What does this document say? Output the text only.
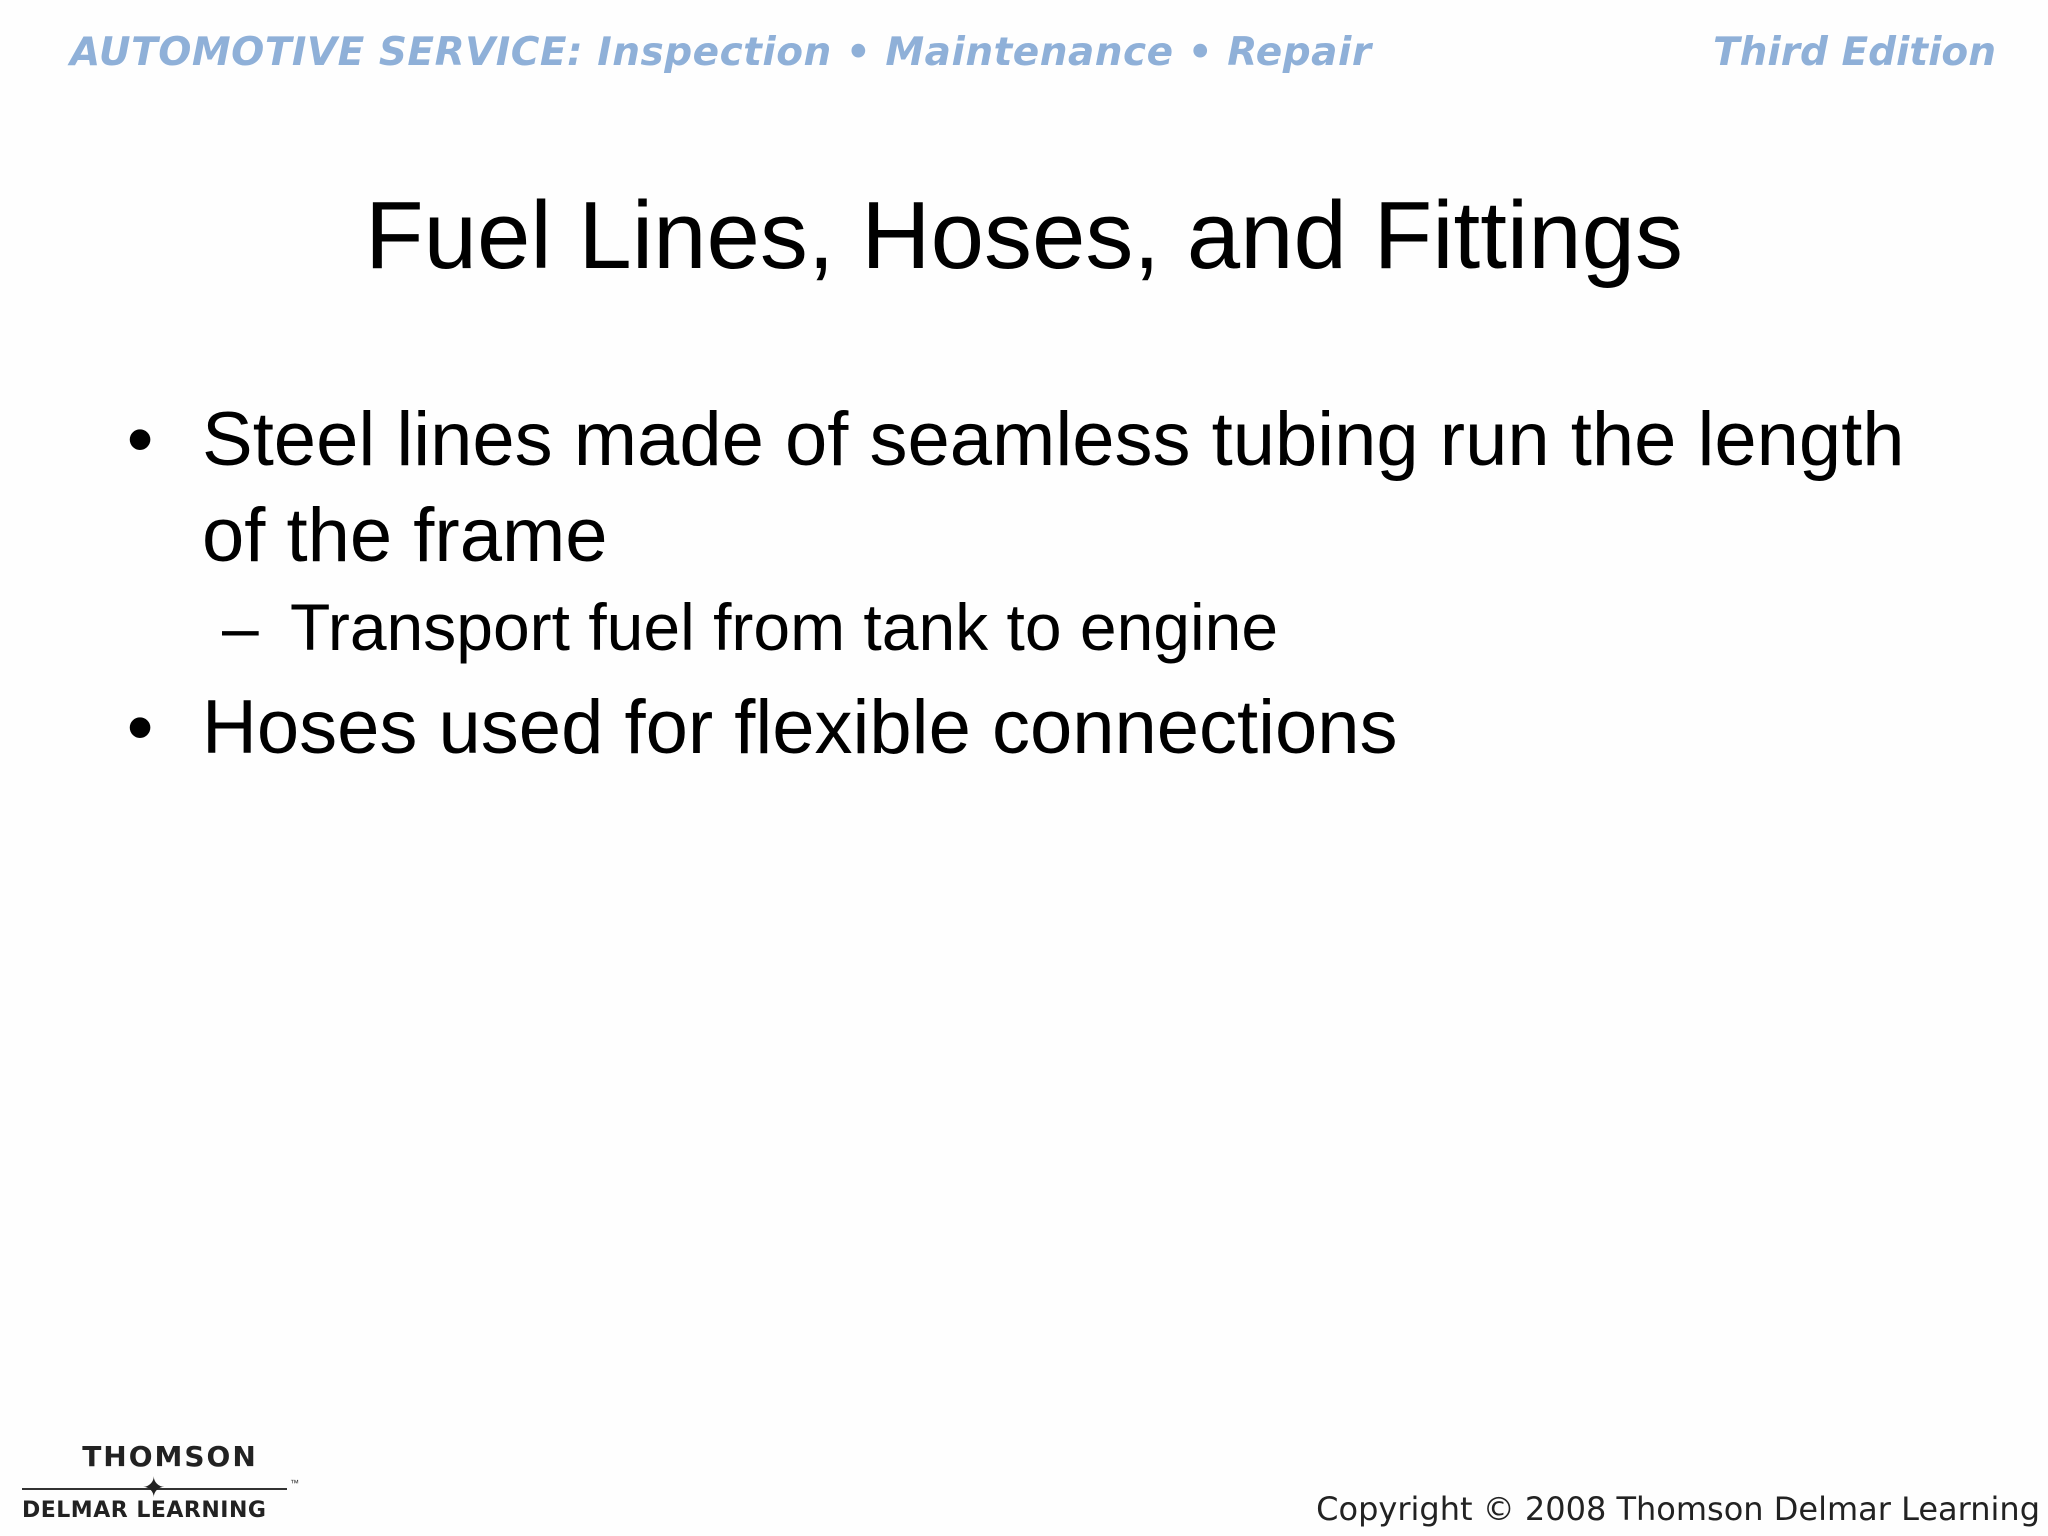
AUTOMOTIVE SERVICE: Inspection • Maintenance • Repair	Third Edition
Fuel Lines, Hoses, and Fittings
• Steel lines made of seamless tubing run the length of the frame
– Transport fuel from tank to engine
• Hoses used for flexible connections
THOMSON
✦	™
DELMAR LEARNING	Copyright © 2008 Thomson Delmar Learning
